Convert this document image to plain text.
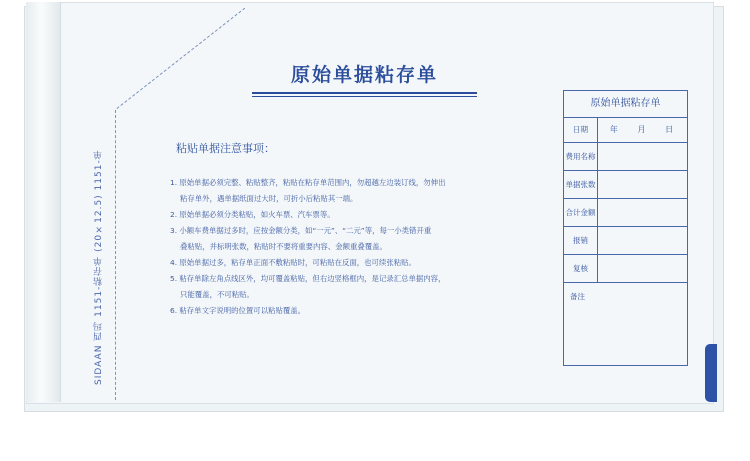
SIDAAN 西玛 1151-粘存单 (20×12.5) 1151-单
原始单据粘存单
粘贴单据注意事项：
1. 原始单据必须完整、粘贴整齐，粘贴在粘存单范围内，勿超越左边装订线，勿伸出
粘存单外，遇单据纸面过大时，可折小后粘贴其一端。
2. 原始单据必须分类粘贴，如火车票、汽车票等。
3. 小额车费单据过多时，应按金额分类，如“一元”、“二元”等，每一小类错开重
叠粘贴，并标明张数，粘贴时不要将重要内容、金额重叠覆盖。
4. 原始单据过多，粘存单正面不敷粘贴时，可粘贴在反面，也可续张粘贴。
5. 粘存单除左角点线区外，均可覆盖粘贴，但右边竖格框内，是记录汇总单据内容，
只能覆盖，不可粘贴。
6. 粘存单文字说明的位置可以粘贴覆盖。
原始单据粘存单
日期	年 月 日
费用名称
单据张数
合计金额
报销
复核
备注
